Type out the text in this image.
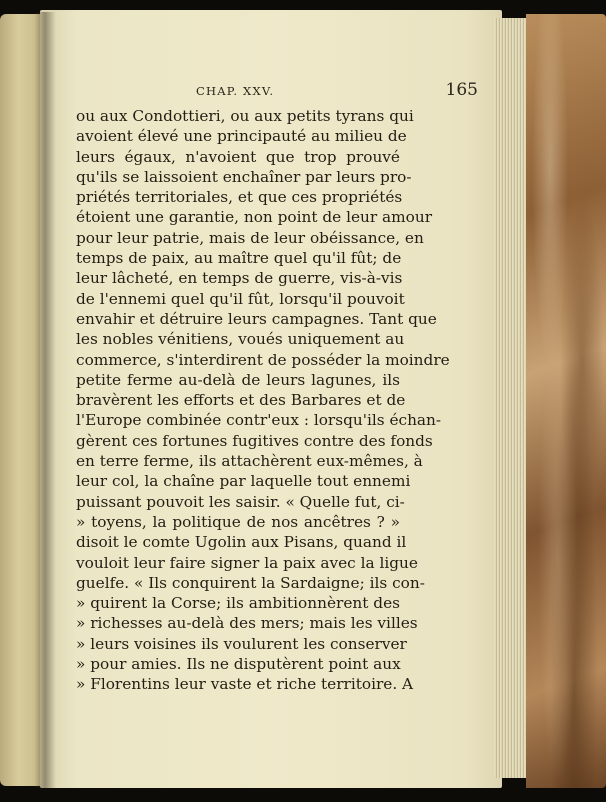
CHAP. XXV.	165
ou aux Condottieri, ou aux petits tyrans qui
avoient élevé une principauté au milieu de
leurs égaux, n'avoient que trop prouvé
qu'ils se laissoient enchaîner par leurs pro-
priétés territoriales, et que ces propriétés
étoient une garantie, non point de leur amour
pour leur patrie, mais de leur obéissance, en
temps de paix, au maître quel qu'il fût; de
leur lâcheté, en temps de guerre, vis-à-vis
de l'ennemi quel qu'il fût, lorsqu'il pouvoit
envahir et détruire leurs campagnes. Tant que
les nobles vénitiens, voués uniquement au
commerce, s'interdirent de posséder la moindre
petite ferme au-delà de leurs lagunes, ils
bravèrent les efforts et des Barbares et de
l'Europe combinée contr'eux : lorsqu'ils échan-
gèrent ces fortunes fugitives contre des fonds
en terre ferme, ils attachèrent eux-mêmes, à
leur col, la chaîne par laquelle tout ennemi
puissant pouvoit les saisir. « Quelle fut, ci-
» toyens, la politique de nos ancêtres ? »
disoit le comte Ugolin aux Pisans, quand il
vouloit leur faire signer la paix avec la ligue
guelfe. « Ils conquirent la Sardaigne; ils con-
» quirent la Corse; ils ambitionnèrent des
» richesses au-delà des mers; mais les villes
» leurs voisines ils voulurent les conserver
» pour amies. Ils ne disputèrent point aux
» Florentins leur vaste et riche territoire. A
